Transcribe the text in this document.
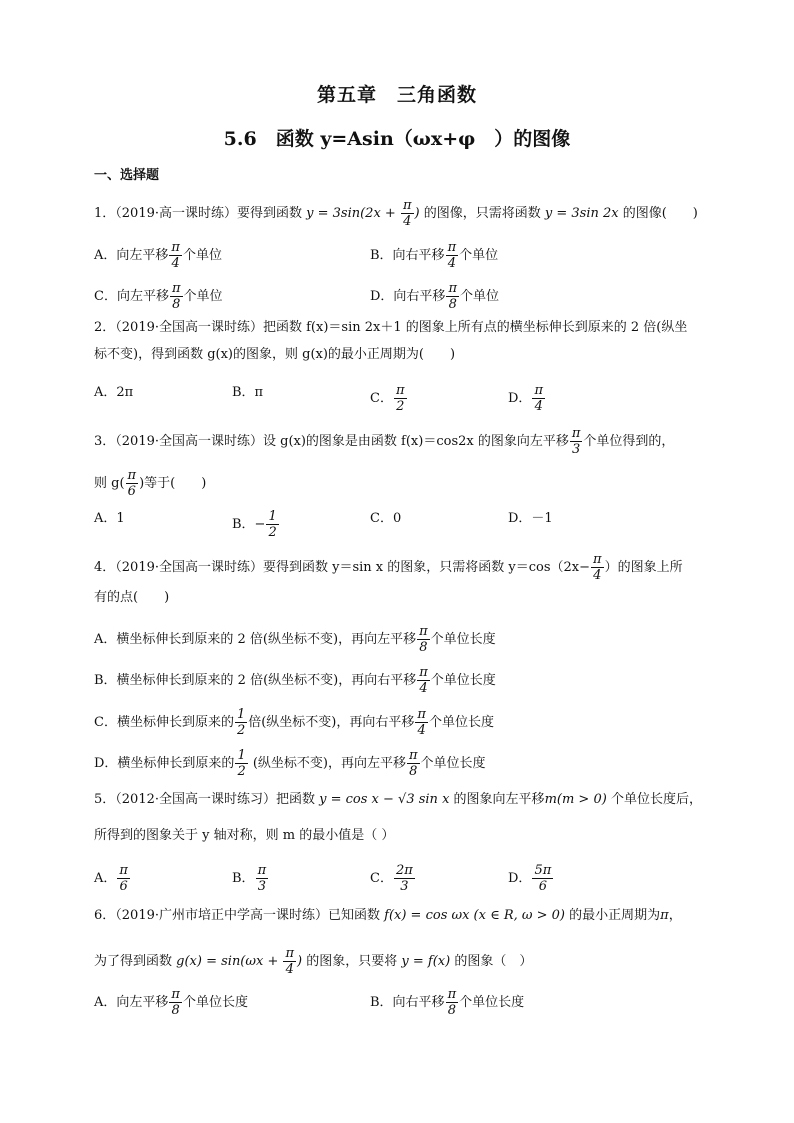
第五章　三角函数
5.6　函数 y=Asin（ωx+φ　）的图像
一、选择题
1．（2019·高一课时练）要得到函数 $y = 3\sin(2x + \frac{\pi}{4}$ ) 的图像，只需将函数 y = 3sin 2x 的图像(　　)
A．向左平移 $\frac{\pi}{4}$ 个单位	B．向右平移 $\frac{\pi}{4}$ 个单位
C．向左平移 $\frac{\pi}{8}$ 个单位	D．向右平移 $\frac{\pi}{8}$ 个单位
2．（2019·全国高一课时练）把函数 f(x)＝sin 2x＋1 的图象上所有点的横坐标伸长到原来的 2 倍(纵坐
标不变)，得到函数 g(x)的图象，则 g(x)的最小正周期为(　　)
A．2π	B．π	C． $\frac{\pi}{2}$	D． $\frac{\pi}{4}$
3．（2019·全国高一课时练）设 g(x)的图象是由函数 f(x)＝cos2x 的图象向左平移 $\frac{\pi}{3}$ 个单位得到的，
则 $g( \frac{\pi}{6}$ )等于(　　)
A．1	B．− $\frac{1}{2}$	C．0	D．－1
4．（2019·全国高一课时练）要得到函数 y＝sin x 的图象，只需将函数 $y=\cos(2x- \frac{\pi}{4}$ ）的图象上所
有的点(　　)
A．横坐标伸长到原来的 2 倍(纵坐标不变)，再向左平移 $\frac{\pi}{8}$ 个单位长度
B．横坐标伸长到原来的 2 倍(纵坐标不变)，再向右平移 $\frac{\pi}{4}$ 个单位长度
C．横坐标伸长到原来的 $\frac{1}{2}$ 倍(纵坐标不变)，再向右平移 $\frac{\pi}{4}$ 个单位长度
D．横坐标伸长到原来的 $\frac{1}{2}$ (纵坐标不变)，再向左平移 $\frac{\pi}{8}$ 个单位长度
5．（2012·全国高一课时练习）把函数 y = cos x − √3 sin x 的图象向左平移m(m > 0) 个单位长度后，
所得到的图象关于 y 轴对称，则 m 的最小值是（ ）
A． $\frac{\pi}{6}$	B． $\frac{\pi}{3}$	C． $\frac{2\pi}{3}$	D． $\frac{5\pi}{6}$
6．（2019·广州市培正中学高一课时练）已知函数 f(x) = cos ωx (x ∈ R, ω > 0) 的最小正周期为π，
为了得到函数 $g(x) = \sin(\omega x + \frac{\pi}{4}$ ) 的图象，只要将 y = f(x) 的图象（　）
A．向左平移 $\frac{\pi}{8}$ 个单位长度	B．向右平移 $\frac{\pi}{8}$ 个单位长度
